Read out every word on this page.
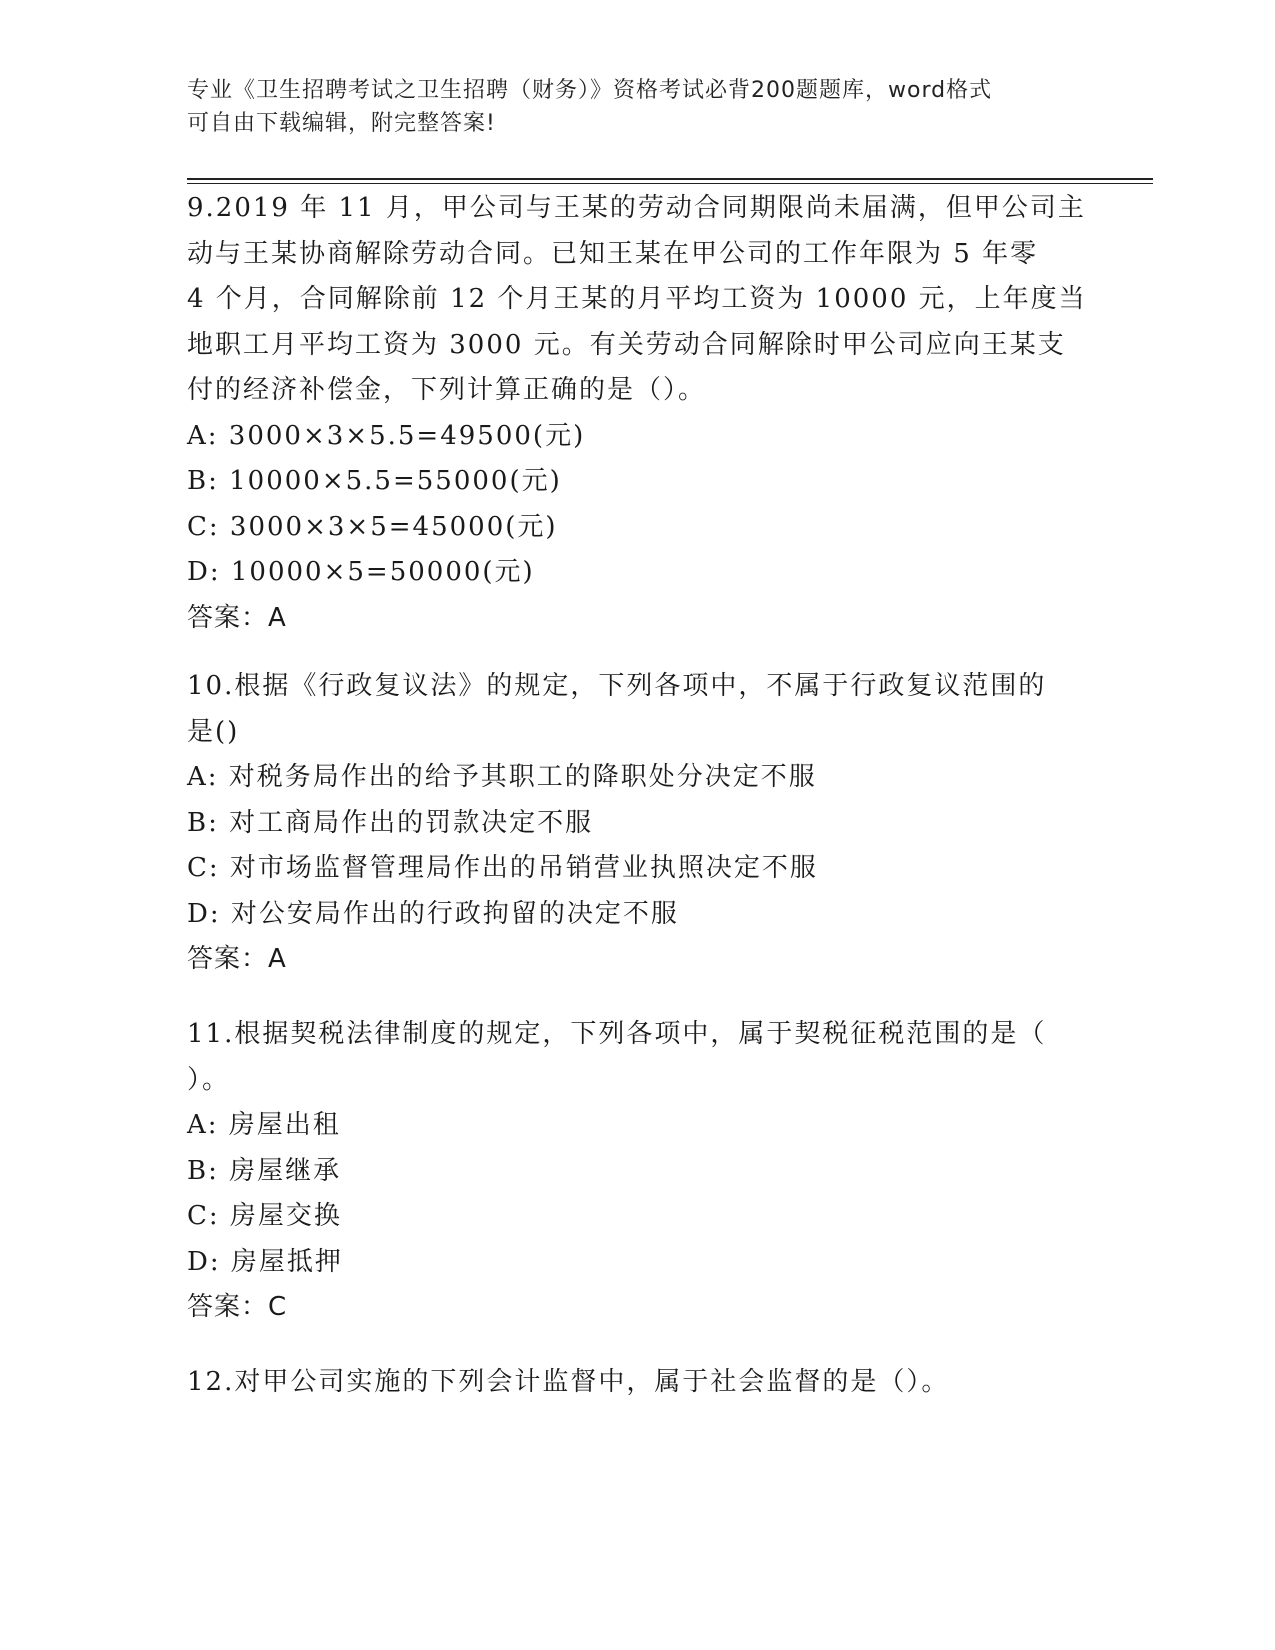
专业《卫生招聘考试之卫生招聘（财务）》资格考试必背200题题库，word格式
可自由下载编辑，附完整答案!
9.2019 年 11 月，甲公司与王某的劳动合同期限尚未届满，但甲公司主
动与王某协商解除劳动合同。已知王某在甲公司的工作年限为 5 年零
4 个月，合同解除前 12 个月王某的月平均工资为 10000 元，上年度当
地职工月平均工资为 3000 元。有关劳动合同解除时甲公司应向王某支
付的经济补偿金，下列计算正确的是（）。
A: 3000×3×5.5=49500(元)
B: 10000×5.5=55000(元)
C: 3000×3×5=45000(元)
D: 10000×5=50000(元)
答案：A
10.根据《行政复议法》的规定，下列各项中，不属于行政复议范围的
是()
A: 对税务局作出的给予其职工的降职处分决定不服
B: 对工商局作出的罚款决定不服
C: 对市场监督管理局作出的吊销营业执照决定不服
D: 对公安局作出的行政拘留的决定不服
答案：A
11.根据契税法律制度的规定，下列各项中，属于契税征税范围的是（
）。
A: 房屋出租
B: 房屋继承
C: 房屋交换
D: 房屋抵押
答案：C
12.对甲公司实施的下列会计监督中，属于社会监督的是（）。
